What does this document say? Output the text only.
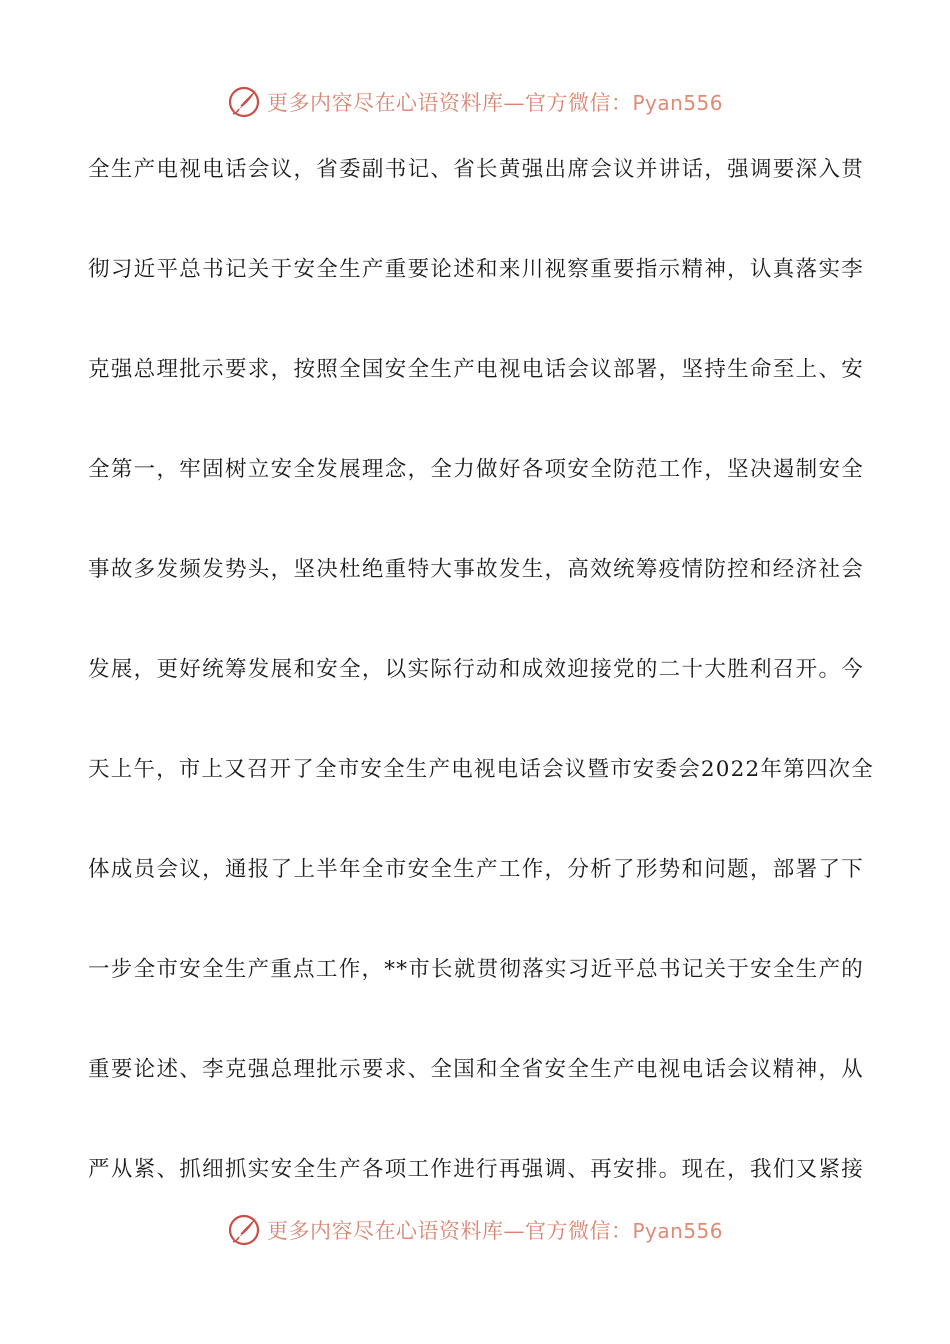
更多内容尽在心语资料库—官方微信：Pyan556
全生产电视电话会议，省委副书记、省长黄强出席会议并讲话，强调要深入贯
彻习近平总书记关于安全生产重要论述和来川视察重要指示精神，认真落实李
克强总理批示要求，按照全国安全生产电视电话会议部署，坚持生命至上、安
全第一，牢固树立安全发展理念，全力做好各项安全防范工作，坚决遏制安全
事故多发频发势头，坚决杜绝重特大事故发生，高效统筹疫情防控和经济社会
发展，更好统筹发展和安全，以实际行动和成效迎接党的二十大胜利召开。今
天上午，市上又召开了全市安全生产电视电话会议暨市安委会2022年第四次全
体成员会议，通报了上半年全市安全生产工作，分析了形势和问题，部署了下
一步全市安全生产重点工作，**市长就贯彻落实习近平总书记关于安全生产的
重要论述、李克强总理批示要求、全国和全省安全生产电视电话会议精神，从
严从紧、抓细抓实安全生产各项工作进行再强调、再安排。现在，我们又紧接
更多内容尽在心语资料库—官方微信：Pyan556
